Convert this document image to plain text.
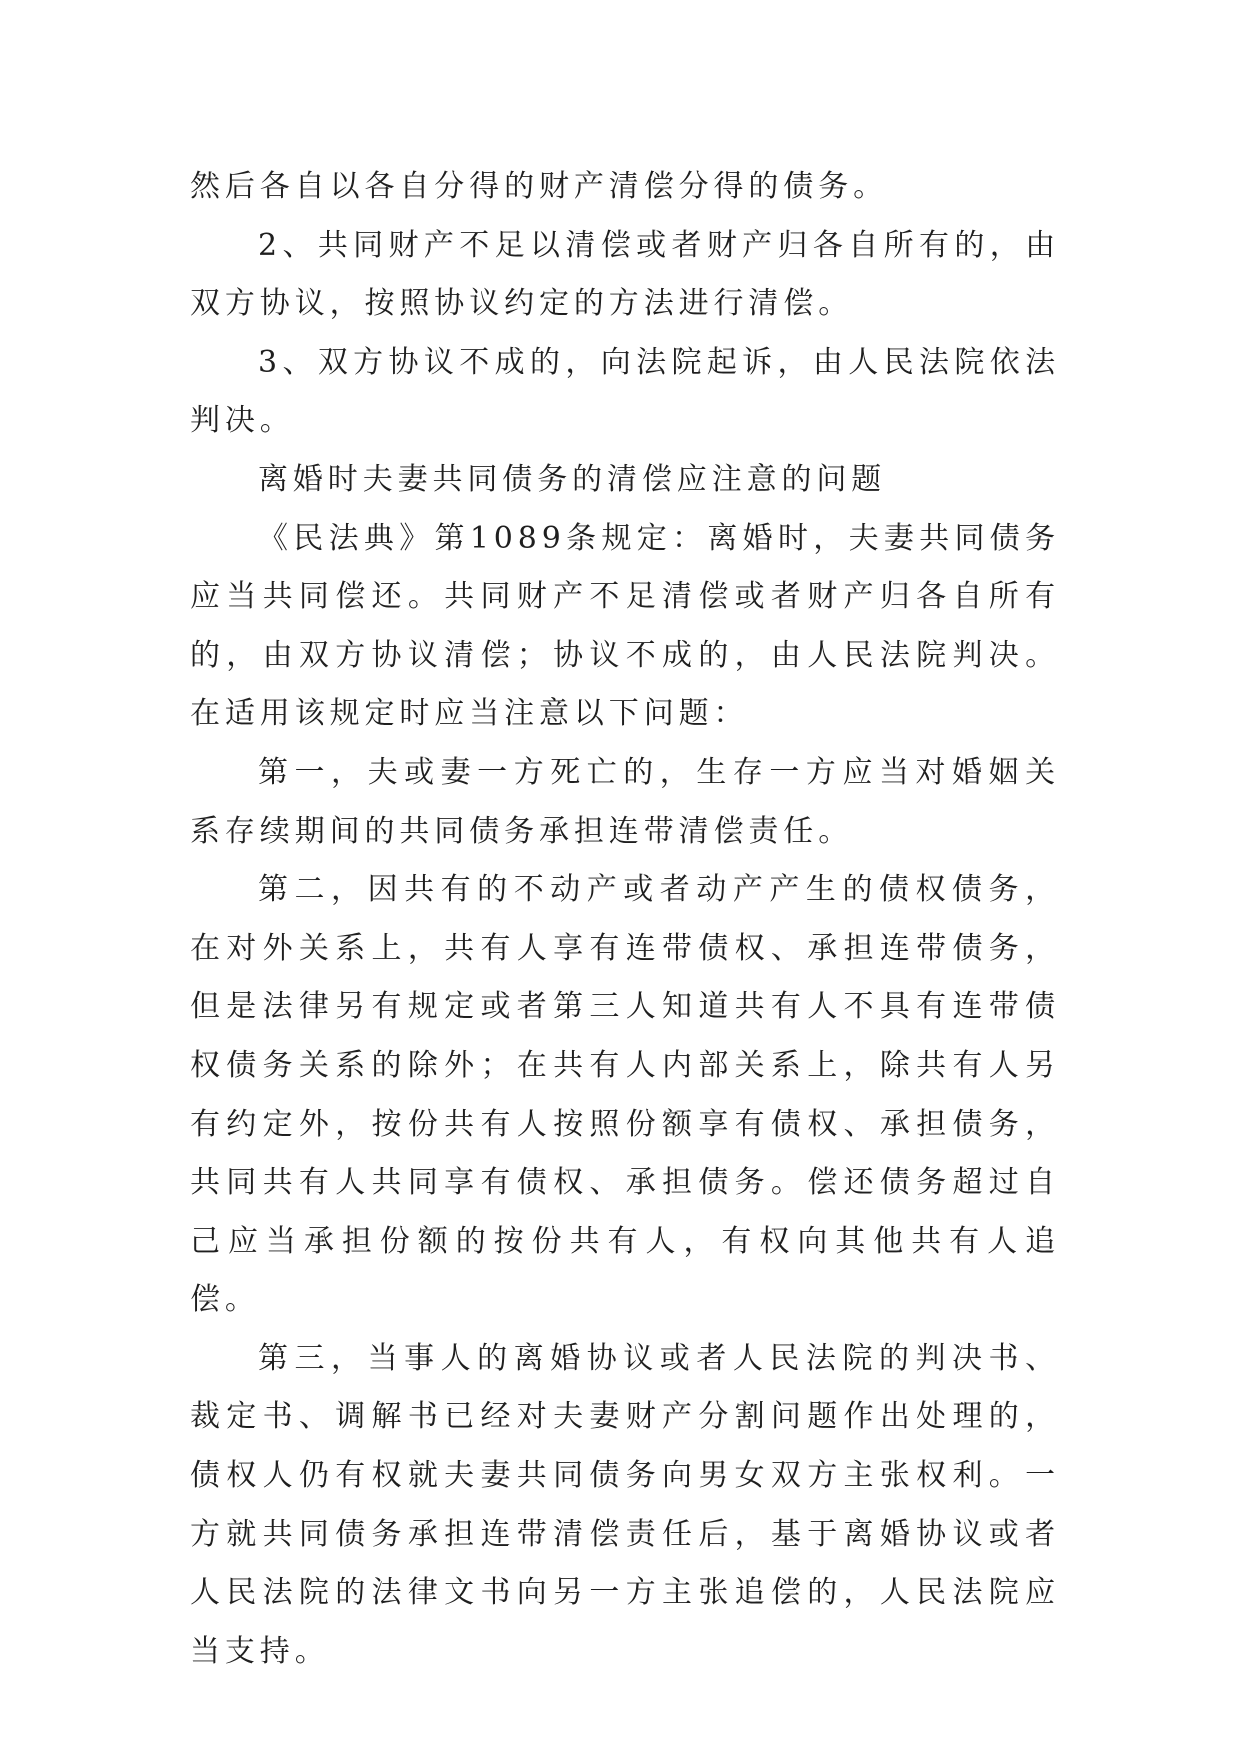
然后各自以各自分得的财产清偿分得的债务。

2、共同财产不足以清偿或者财产归各自所有的，由双方协议，按照协议约定的方法进行清偿。

3、双方协议不成的，向法院起诉，由人民法院依法判决。

离婚时夫妻共同债务的清偿应注意的问题

《民法典》第1089条规定：离婚时，夫妻共同债务应当共同偿还。共同财产不足清偿或者财产归各自所有的，由双方协议清偿；协议不成的，由人民法院判决。在适用该规定时应当注意以下问题：

第一，夫或妻一方死亡的，生存一方应当对婚姻关系存续期间的共同债务承担连带清偿责任。

第二，因共有的不动产或者动产产生的债权债务，在对外关系上，共有人享有连带债权、承担连带债务，但是法律另有规定或者第三人知道共有人不具有连带债权债务关系的除外；在共有人内部关系上，除共有人另有约定外，按份共有人按照份额享有债权、承担债务，共同共有人共同享有债权、承担债务。偿还债务超过自己应当承担份额的按份共有人，有权向其他共有人追偿。

第三，当事人的离婚协议或者人民法院的判决书、裁定书、调解书已经对夫妻财产分割问题作出处理的，债权人仍有权就夫妻共同债务向男女双方主张权利。一方就共同债务承担连带清偿责任后，基于离婚协议或者人民法院的法律文书向另一方主张追偿的，人民法院应当支持。
